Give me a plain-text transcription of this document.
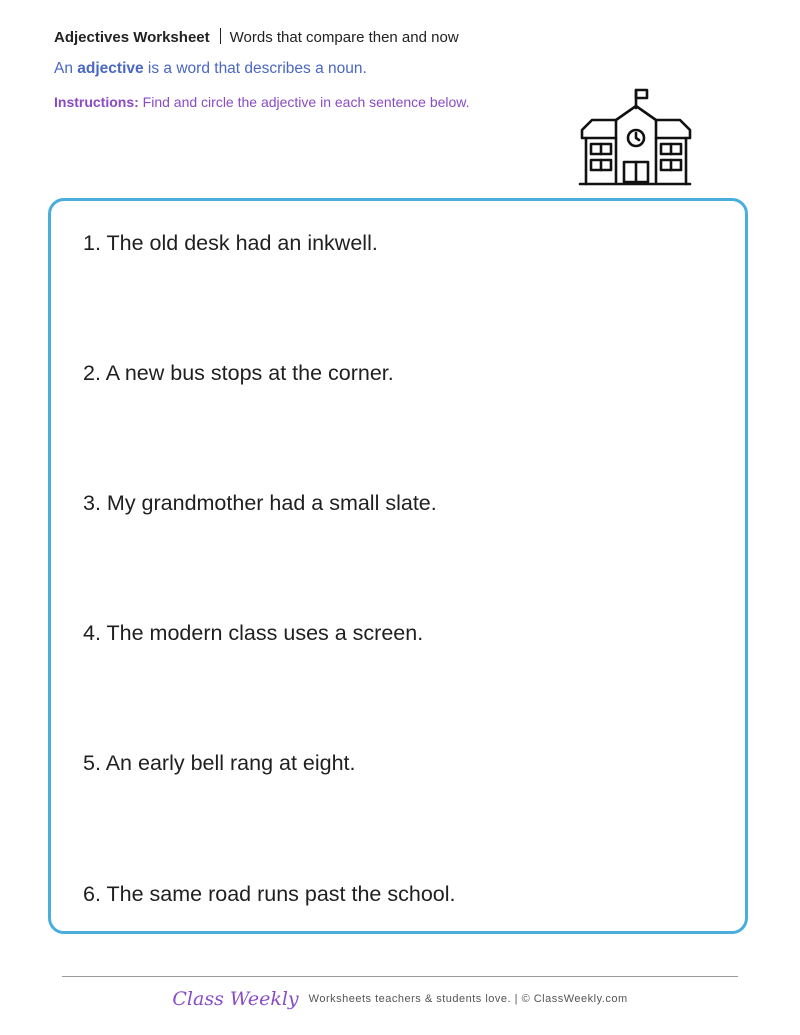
Adjectives Worksheet Words that compare then and now
An adjective is a word that describes a noun.
Instructions: Find and circle the adjective in each sentence below.
1. The old desk had an inkwell.
2. A new bus stops at the corner.
3. My grandmother had a small slate.
4. The modern class uses a screen.
5. An early bell rang at eight.
6. The same road runs past the school.
Class Weekly Worksheets teachers & students love. | © ClassWeekly.com
